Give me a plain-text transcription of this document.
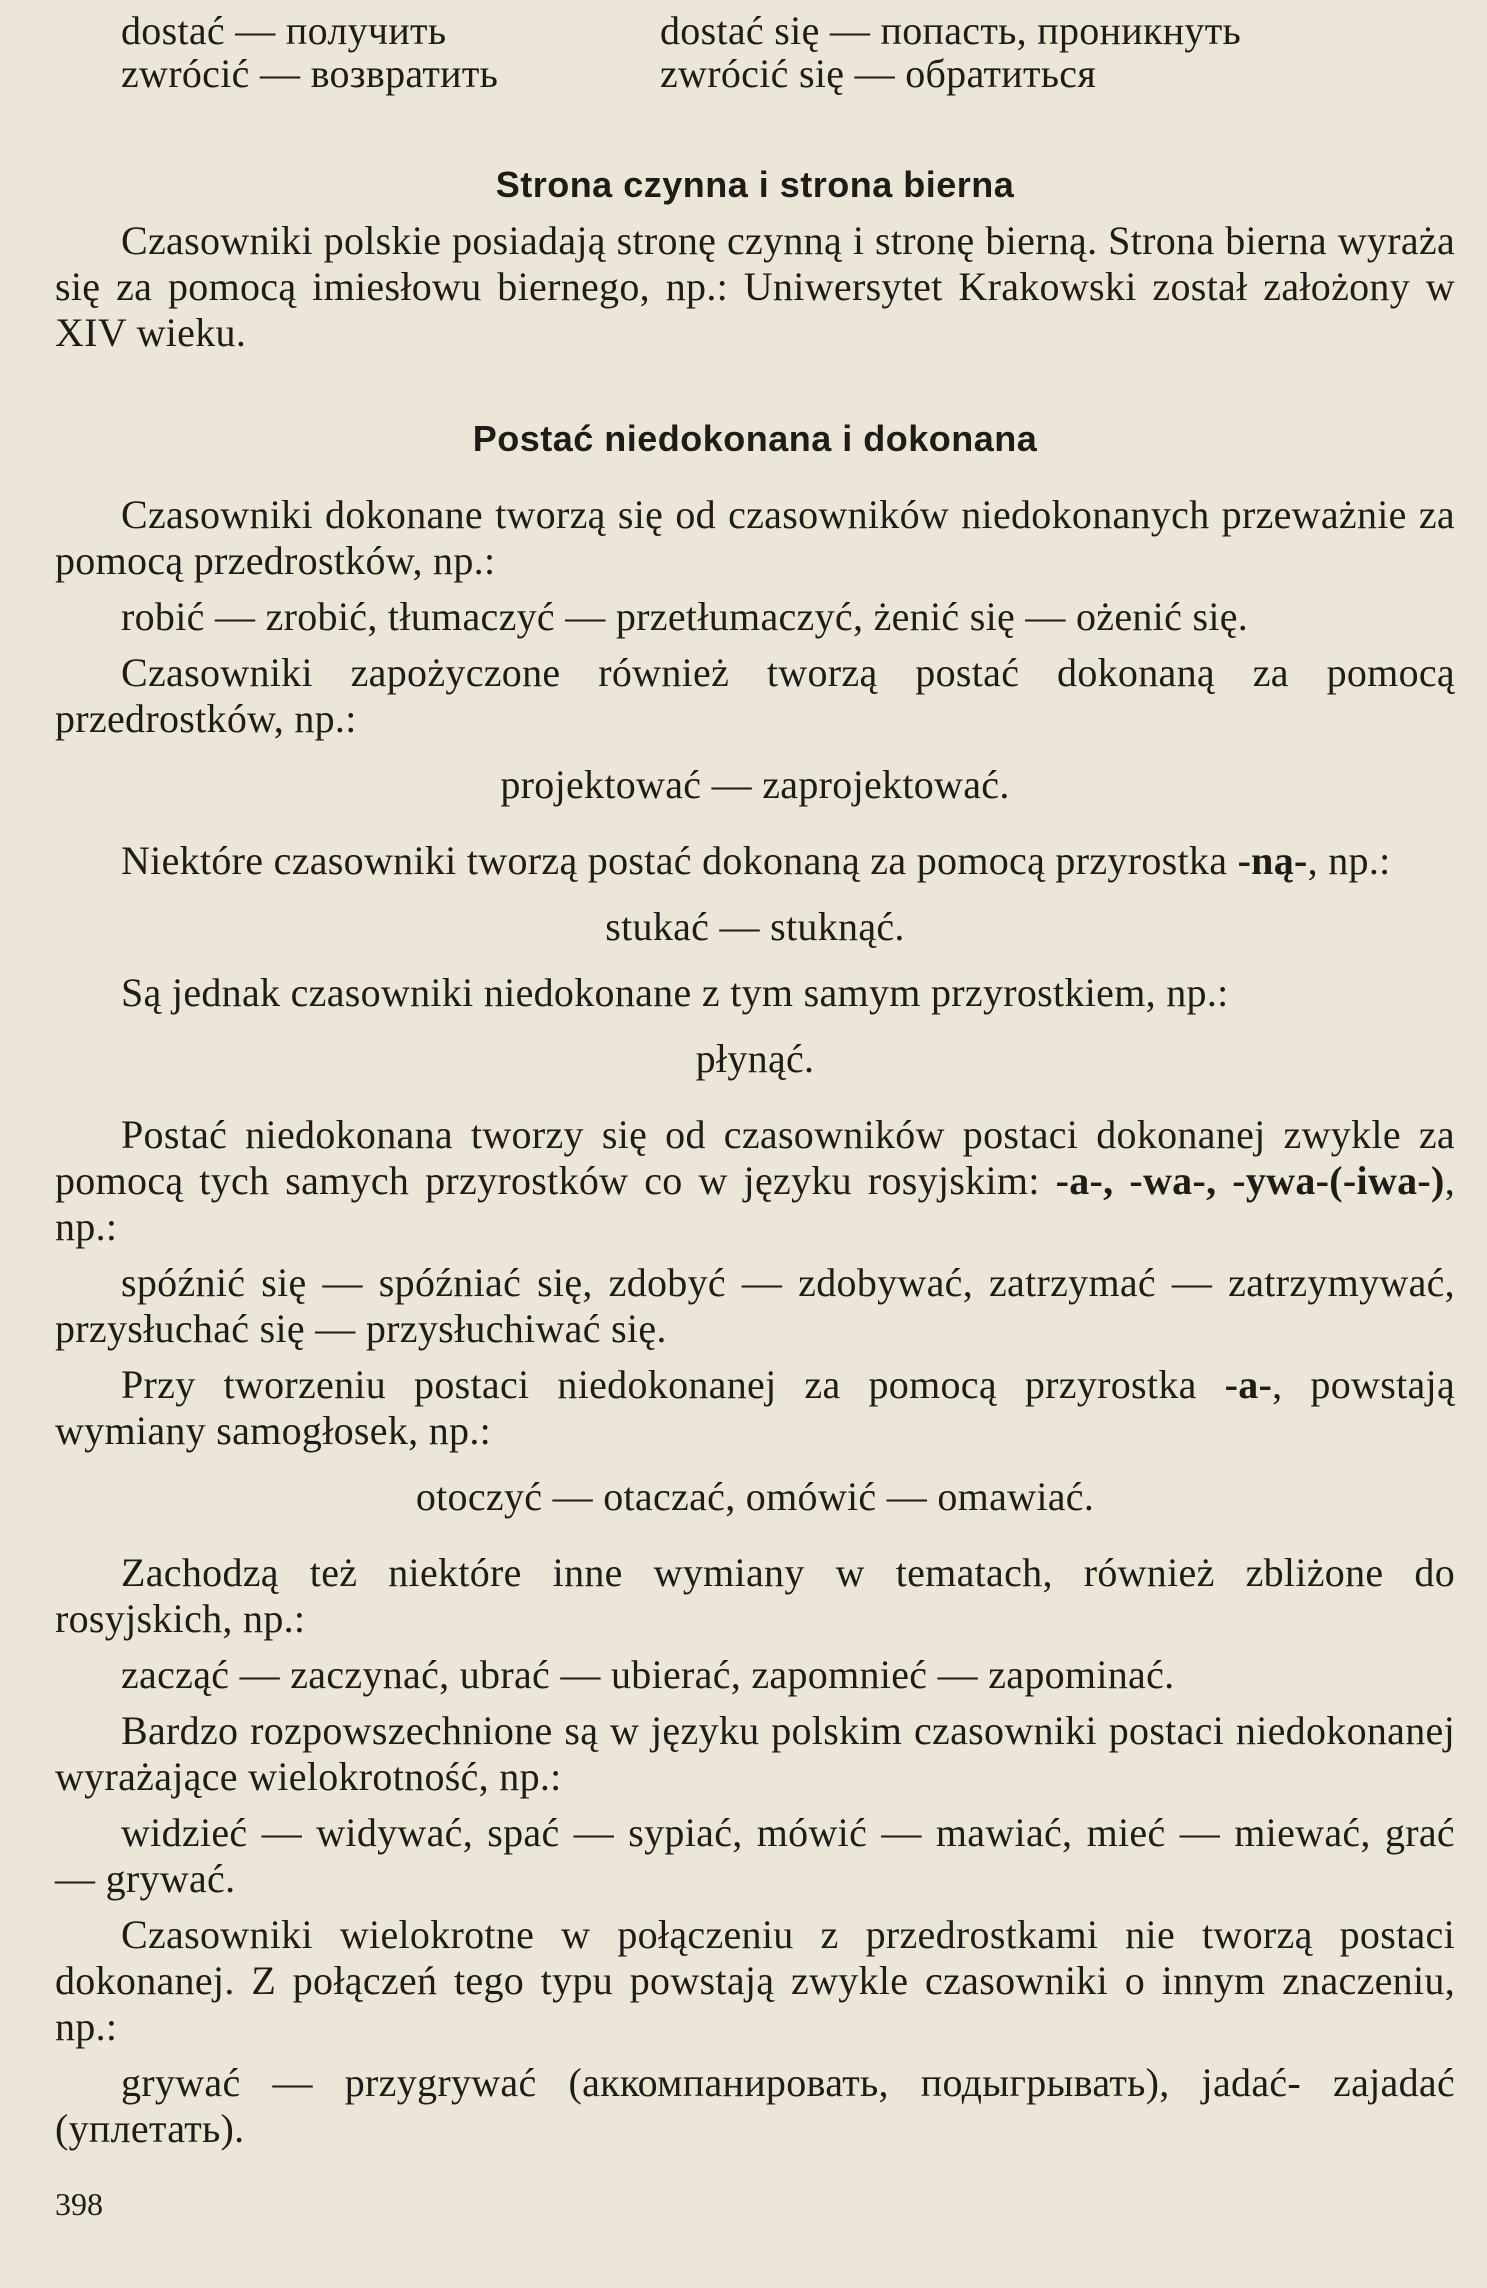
dostać — получить	dostać się — попасть, проникнуть
zwrócić — возвратить	zwrócić się — обратиться
Strona czynna i strona bierna

Czasowniki polskie posiadają stronę czynną i stronę bierną. Strona bierna wyraża się za pomocą imiesłowu biernego, np.: Uniwersytet Krakowski został założony w XIV wieku.

Postać niedokonana i dokonana

Czasowniki dokonane tworzą się od czasowników niedokonanych przeważnie za pomocą przedrostków, np.:

robić — zrobić, tłumaczyć — przetłumaczyć, żenić się — ożenić się.

Czasowniki zapożyczone również tworzą postać dokonaną za pomocą przedrostków, np.:

projektować — zaprojektować.

Niektóre czasowniki tworzą postać dokonaną za pomocą przyrostka -ną-, np.:

stukać — stuknąć.

Są jednak czasowniki niedokonane z tym samym przyrostkiem, np.:

płynąć.

Postać niedokonana tworzy się od czasowników postaci dokonanej zwykle za pomocą tych samych przyrostków co w języku rosyjskim: -a-, -wa-, -ywa-(-iwa-), np.:

spóźnić się — spóźniać się, zdobyć — zdobywać, zatrzymać — zatrzymywać, przysłuchać się — przysłuchiwać się.

Przy tworzeniu postaci niedokonanej za pomocą przyrostka -a-, powstają wymiany samogłosek, np.:

otoczyć — otaczać, omówić — omawiać.

Zachodzą też niektóre inne wymiany w tematach, również zbliżone do rosyjskich, np.:

zacząć — zaczynać, ubrać — ubierać, zapomnieć — zapominać.

Bardzo rozpowszechnione są w języku polskim czasowniki postaci niedokonanej wyrażające wielokrotność, np.:

widzieć — widywać, spać — sypiać, mówić — mawiać, mieć — miewać, grać — grywać.

Czasowniki wielokrotne w połączeniu z przedrostkami nie tworzą postaci dokonanej. Z połączeń tego typu powstają zwykle czasowniki o innym znaczeniu, np.:

grywać — przygrywać (аккомпанировать, подыгрывать), jadać- zajadać (уплетать).

398
